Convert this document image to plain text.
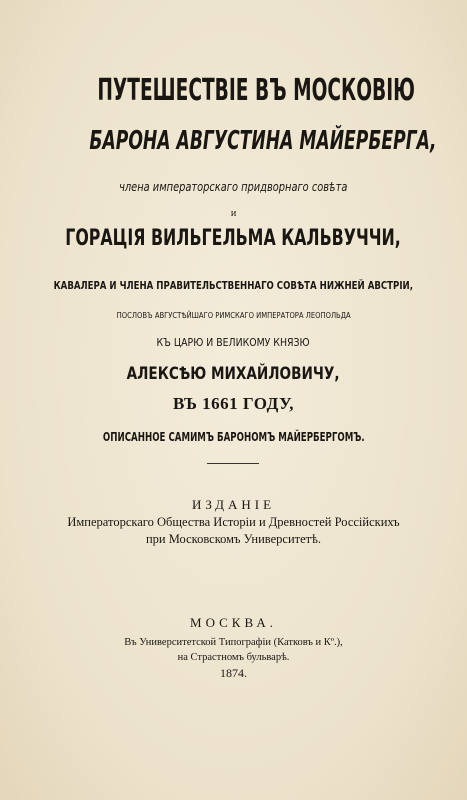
ПУТЕШЕСТВІЕ ВЪ МОСКОВІЮ
БАРОНА АВГУСТИНА МАЙЕРБЕРГА,
члена императорскаго придворнаго совѣта
и
ГОРАЦІЯ ВИЛЬГЕЛЬМА КАЛЬВУЧЧИ,
КАВАЛЕРА И ЧЛЕНА ПРАВИТЕЛЬСТВЕННАГО СОВѢТА НИЖНЕЙ АВСТРІИ,
ПОСЛОВЪ АВГУСТѢЙШАГО РИМСКАГО ИМПЕРАТОРА ЛЕОПОЛЬДА
КЪ ЦАРЮ И ВЕЛИКОМУ КНЯЗЮ
АЛЕКСѢЮ МИХАЙЛОВИЧУ,
ВЪ 1661 ГОДУ,
ОПИСАННОЕ САМИМЪ БАРОНОМЪ МАЙЕРБЕРГОМЪ.
ИЗДАНІЕ
Императорскаго Общества Исторіи и Древностей Россійскихъ
при Московскомъ Университетѣ.
МОСКВА.
Въ Университетской Типографіи (Катковъ и Кº.),
на Страстномъ бульварѣ.
1874.
